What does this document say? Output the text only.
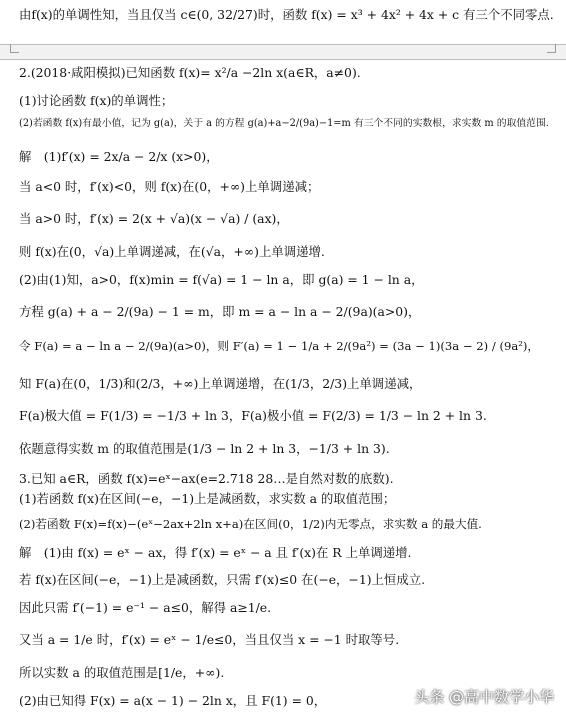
由f(x)的单调性知，当且仅当 c∈(0, 32/27)时，函数 f(x) = x³ + 4x² + 4x + c 有三个不同零点.
2.(2018·咸阳模拟)已知函数 f(x)= x²/a −2ln x(a∈R，a≠0).
(1)讨论函数 f(x)的单调性；
(2)若函数 f(x)有最小值，记为 g(a)，关于 a 的方程 g(a)+a−2/(9a)−1=m 有三个不同的实数根，求实数 m 的取值范围.
解　(1)f′(x) = 2x/a − 2/x (x>0)，
当 a<0 时，f′(x)<0，则 f(x)在(0，+∞)上单调递减；
当 a>0 时，f′(x) = 2(x + √a)(x − √a) / (ax)，
则 f(x)在(0，√a)上单调递减，在(√a，+∞)上单调递增.
(2)由(1)知，a>0，f(x)min = f(√a) = 1 − ln a，即 g(a) = 1 − ln a，
方程 g(a) + a − 2/(9a) − 1 = m，即 m = a − ln a − 2/(9a)(a>0)，
令 F(a) = a − ln a − 2/(9a)(a>0)，则 F′(a) = 1 − 1/a + 2/(9a²) = (3a − 1)(3a − 2) / (9a²)，
知 F(a)在(0，1/3)和(2/3，+∞)上单调递增，在(1/3，2/3)上单调递减，
F(a)极大值 = F(1/3) = −1/3 + ln 3，F(a)极小值 = F(2/3) = 1/3 − ln 2 + ln 3.
依题意得实数 m 的取值范围是(1/3 − ln 2 + ln 3，−1/3 + ln 3).
3.已知 a∈R，函数 f(x)=eˣ−ax(e=2.718 28…是自然对数的底数).
(1)若函数 f(x)在区间(−e，−1)上是减函数，求实数 a 的取值范围；
(2)若函数 F(x)=f(x)−(eˣ−2ax+2ln x+a)在区间(0，1/2)内无零点，求实数 a 的最大值.
解　(1)由 f(x) = eˣ − ax，得 f′(x) = eˣ − a 且 f′(x)在 R 上单调递增.
若 f(x)在区间(−e，−1)上是减函数，只需 f′(x)≤0 在(−e，−1)上恒成立.
因此只需 f′(−1) = e⁻¹ − a≤0，解得 a≥1/e.
又当 a = 1/e 时，f′(x) = eˣ − 1/e≤0，当且仅当 x = −1 时取等号.
所以实数 a 的取值范围是[1/e，+∞).
(2)由已知得 F(x) = a(x − 1) − 2ln x，且 F(1) = 0，	头条 @高中数学小华
